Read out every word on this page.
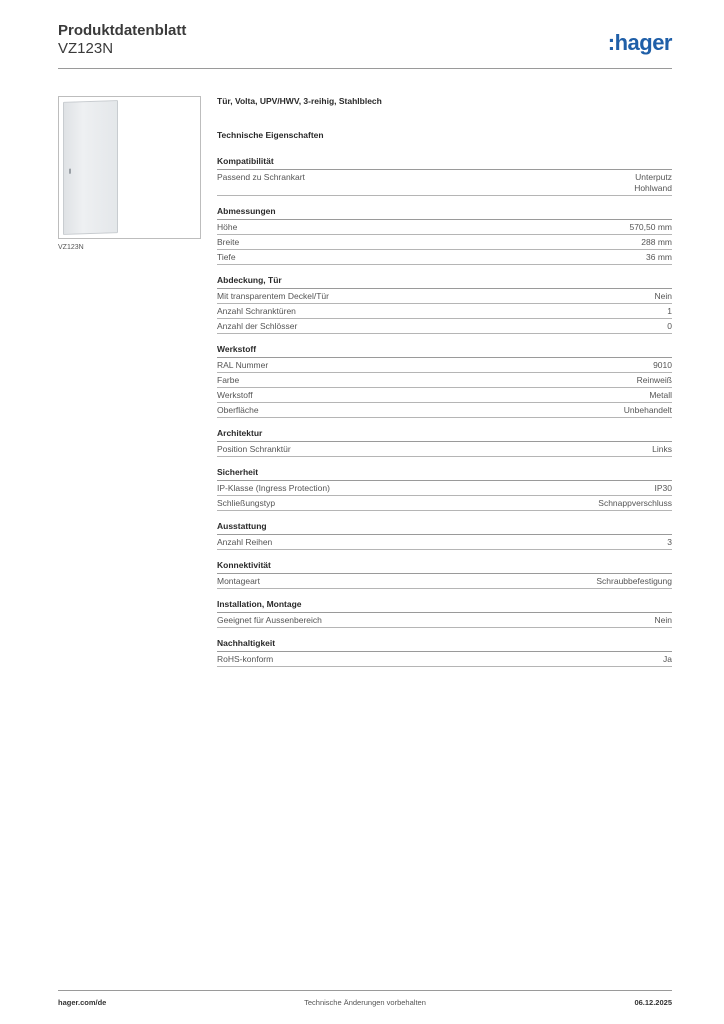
Produktdatenblatt
VZ123N	:hager
VZ123N
Tür, Volta, UPV/HWV, 3-reihig, Stahlblech
Technische Eigenschaften
Kompatibilität
Passend zu Schrankart	Unterputz
Hohlwand
Abmessungen
Höhe	570,50 mm
Breite	288 mm
Tiefe	36 mm
Abdeckung, Tür
Mit transparentem Deckel/Tür	Nein
Anzahl Schranktüren	1
Anzahl der Schlösser	0
Werkstoff
RAL Nummer	9010
Farbe	Reinweiß
Werkstoff	Metall
Oberfläche	Unbehandelt
Architektur
Position Schranktür	Links
Sicherheit
IP-Klasse (Ingress Protection)	IP30
Schließungstyp	Schnappverschluss
Ausstattung
Anzahl Reihen	3
Konnektivität
Montageart	Schraubbefestigung
Installation, Montage
Geeignet für Aussenbereich	Nein
Nachhaltigkeit
RoHS-konform	Ja
hager.com/de	Technische Änderungen vorbehalten	06.12.2025
